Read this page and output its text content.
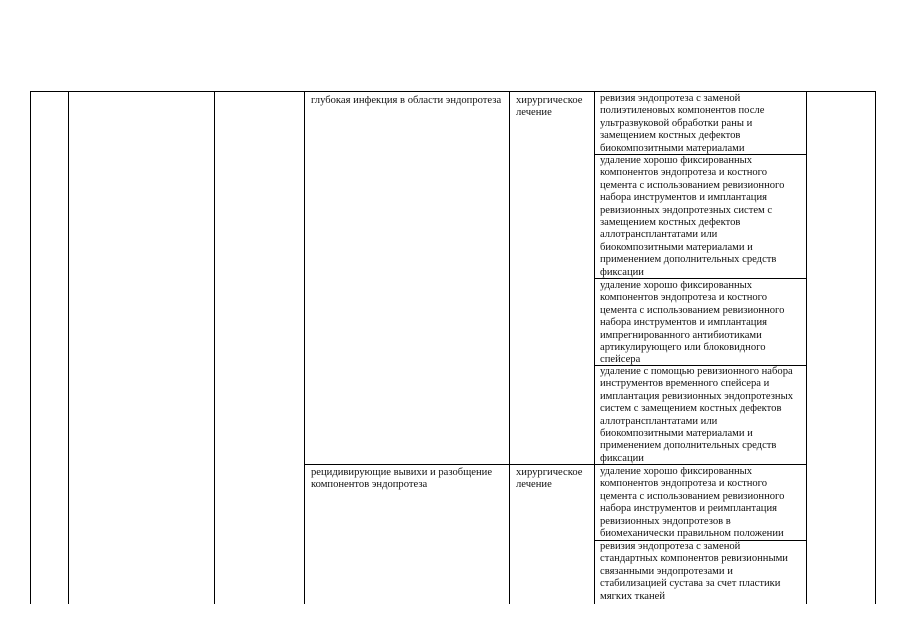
глубокая инфекция в области эндопротеза	хирургическое
лечение
ревизия эндопротеза с заменой
полиэтиленовых компонентов после
ультразвуковой обработки раны и
замещением костных дефектов
биокомпозитными материалами
удаление хорошо фиксированных
компонентов эндопротеза и костного
цемента с использованием ревизионного
набора инструментов и имплантация
ревизионных эндопротезных систем с
замещением костных дефектов
аллотрансплантатами или
биокомпозитными материалами и
применением дополнительных средств
фиксации
удаление хорошо фиксированных
компонентов эндопротеза и костного
цемента с использованием ревизионного
набора инструментов и имплантация
импрегнированного антибиотиками
артикулирующего или блоковидного
спейсера
удаление с помощью ревизионного набора
инструментов временного спейсера и
имплантация ревизионных эндопротезных
систем с замещением костных дефектов
аллотрансплантатами или
биокомпозитными материалами и
применением дополнительных средств
фиксации
рецидивирующие вывихи и разобщение
компонентов эндопротеза
хирургическое
лечение
удаление хорошо фиксированных
компонентов эндопротеза и костного
цемента с использованием ревизионного
набора инструментов и реимплантация
ревизионных эндопротезов в
биомеханически правильном положении
ревизия эндопротеза с заменой
стандартных компонентов ревизионными
связанными эндопротезами и
стабилизацией сустава за счет пластики
мягких тканей
